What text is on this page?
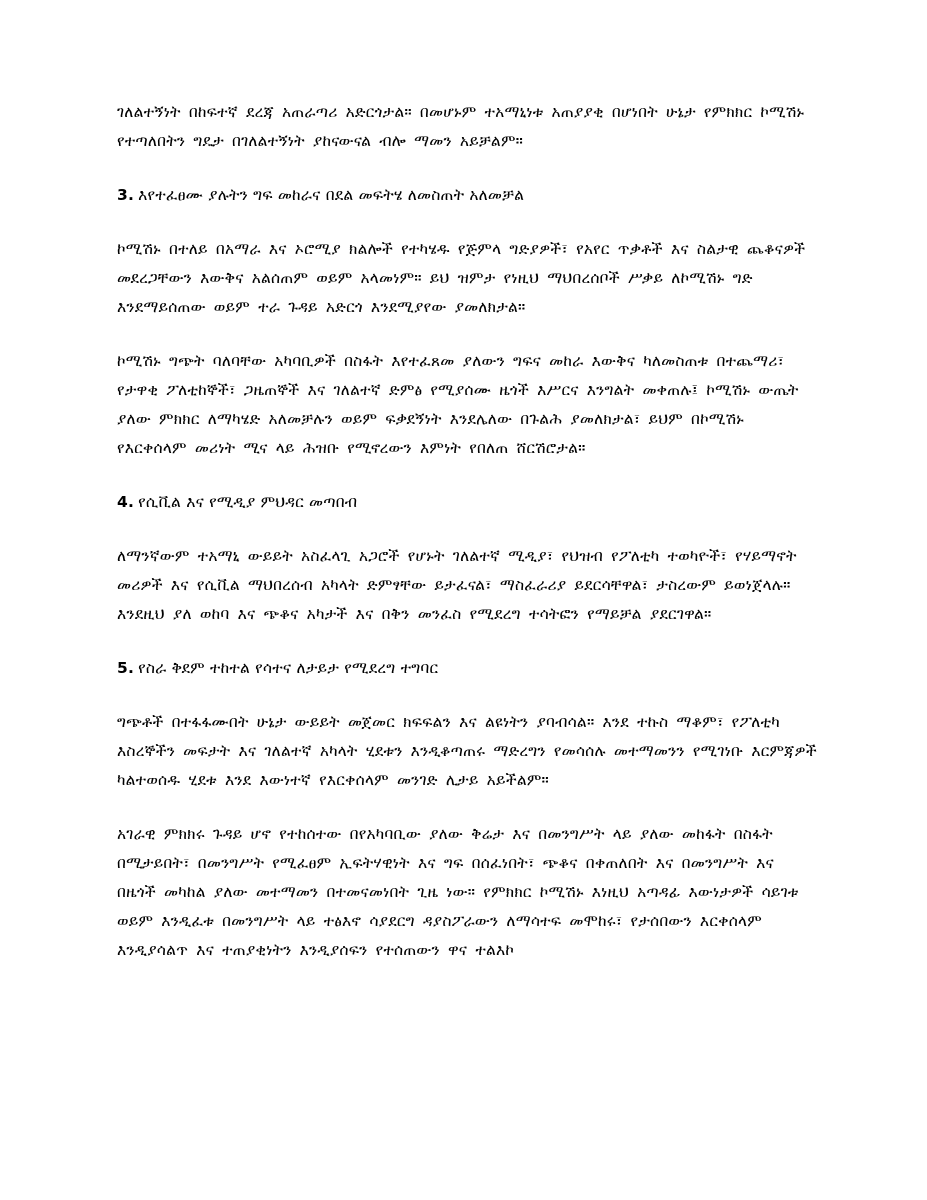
ገለልተኝነት በከፍተኛ ደረጃ አጠራጣሪ አድርጎታል። በመሆኑም ተአማኒነቱ አጠያያቂ በሆነበት ሁኔታ የምክክር ኮሚሽኑ የተጣለበትን ግዴታ በገለልተኝነት ያከናውናል ብሎ ማመን አይቻልም።

3. እየተፈፀሙ ያሉትን ግፍ መከራና በደል መፍትሄ ለመስጠት አለመቻል

ኮሚሽኑ በተለይ በአማራ እና ኦሮሚያ ክልሎች የተካሄዱ የጅምላ ግድያዎች፣ የአየር ጥቃቶች እና ስልታዊ ጨቆናዎች መደረጋቸውን እውቅና አልሰጠም ወይም አላመነም። ይህ ዝምታ የነዚህ ማህበረሰቦች ሥቃይ ለኮሚሽኑ ግድ እንደማይሰጠው ወይም ተራ ጉዳይ አድርጎ እንደሚያየው ያመለክታል።

ኮሚሽኑ ግጭት ባለባቸው አካባቢዎች በስፋት እየተፈጸመ ያለውን ግፍና መከራ እውቅና ካለመስጠቱ በተጨማሪ፣ የታዋቂ ፖለቲከኞች፣ ጋዜጠኞች እና ገለልተኛ ድምፅ የሚያሰሙ ዜጎች እሥርና እንግልት መቀጠሉ፤ ኮሚሽኑ ውጤት ያለው ምክክር ለማካሄድ አለመቻሉን ወይም ፍቃደኝነት እንደሌለው በጉልሕ ያመለክታል፣ ይህም በኮሚሽኑ የእርቀሰላም መሪነት ሚና ላይ ሕዝቡ የሚኖረውን እምነት የበለጠ ሸርሽሮታል።

4. የሲቪል እና የሚዲያ ምህዳር መጣበብ

ለማንኛውም ተአማኒ ውይይት አስፈላጊ አጋሮች የሆኑት ገለልተኛ ሚዲያ፣ የህዝብ የፖለቲካ ተወካዮች፣ የሃይማኖት መሪዎች እና የሲቪል ማህበረሰብ አካላት ድምፃቸው ይታፈናል፣ ማስፈራሪያ ይደርሳቸዋል፣ ታስረውም ይወነጀላሉ። እንደዚህ ያለ ወከባ እና ጭቆና አካታች እና በቅን መንፈስ የሚደረግ ተሳትፎን የማይቻል ያደርገዋል።

5. የስራ ቅደም ተከተል የሳተና ለታይታ የሚደረግ ተግባር

ግጭቶች በተፋፋሙበት ሁኔታ ውይይት መጀመር ክፍፍልን እና ልዩነትን ያባብሳል። እንደ ተኩስ ማቆም፣ የፖለቲካ እስረኞችን መፍታት እና ገለልተኛ አካላት ሂደቱን እንዲቆጣጠሩ ማድረግን የመሳሰሉ መተማመንን የሚገነቡ እርምጃዎች ካልተወሰዱ ሂደቱ እንደ እውነተኛ የእርቀሰላም መንገድ ሊታይ አይችልም።

አገራዊ ምክክሩ ጉዳይ ሆኖ የተከሰተው በየአካባቢው ያለው ቅሬታ እና በመንግሥት ላይ ያለው መከፋት በስፋት በሚታይበት፣ በመንግሥት የሚፈፀም ኢፍትሃዊነት እና ግፍ በሰፈነበት፣ ጭቆና በቀጠለበት እና በመንግሥት እና በዜጎች መካከል ያለው መተማመን በተመናመነበት ጊዜ ነው። የምክክር ኮሚሽኑ እነዚህ አጣዳፊ እውነታዎች ሳይገቱ ወይም እንዲፈቱ በመንግሥት ላይ ተፅእኖ ሳያደርግ ዳያስፖራውን ለማሳተፍ መሞከሩ፣ የታሰበውን እርቀሰላም እንዲያሳልጥ እና ተጠያቂነትን እንዲያሰፍን የተሰጠውን ዋና ተልእኮ
